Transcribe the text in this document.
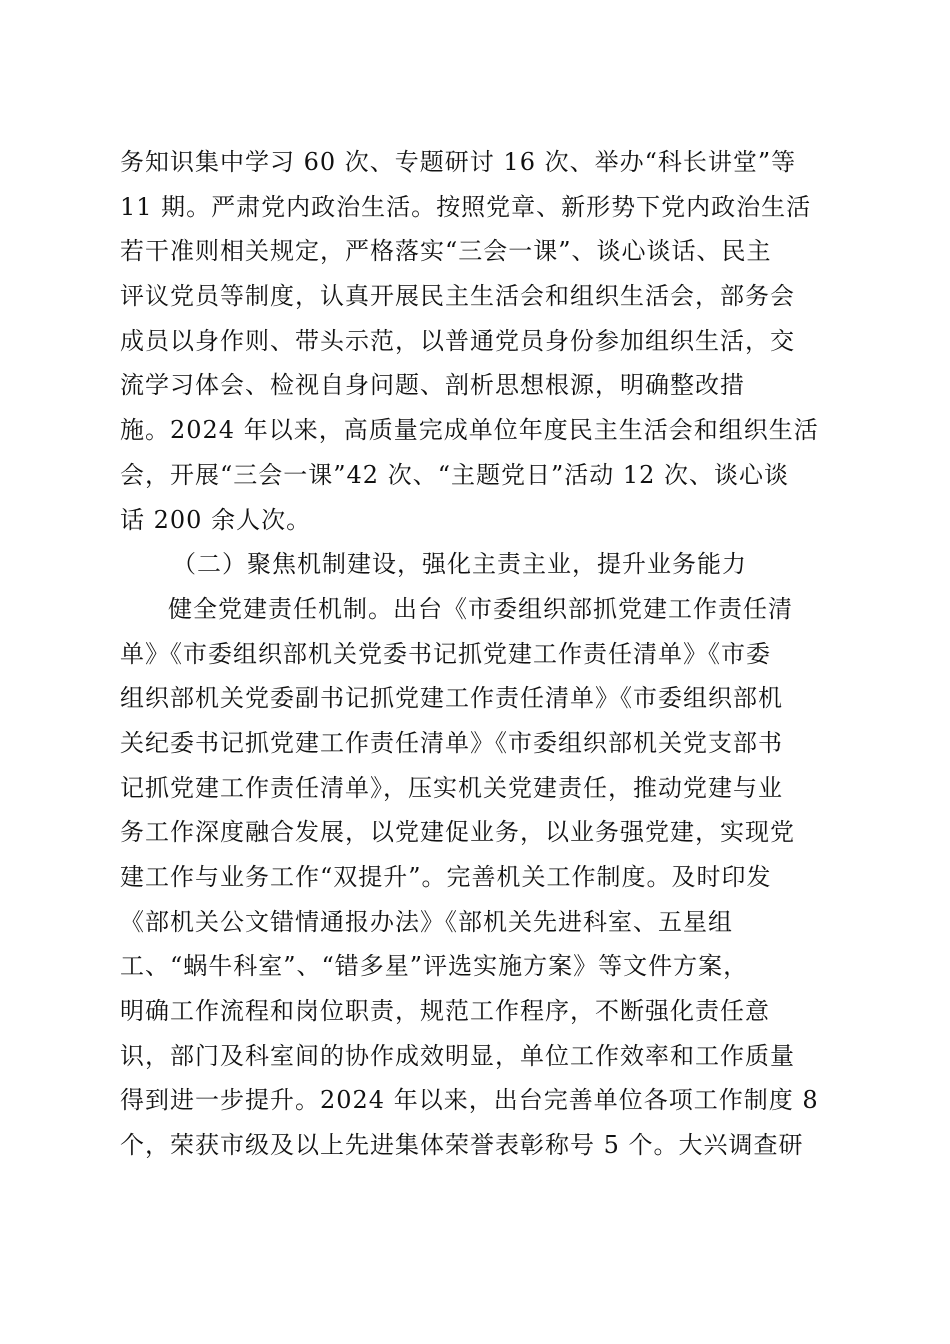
务知识集中学习 60 次、专题研讨 16 次、举办“科长讲堂”等
11 期。严肃党内政治生活。按照党章、新形势下党内政治生活
若干准则相关规定，严格落实“三会一课”、谈心谈话、民主
评议党员等制度，认真开展民主生活会和组织生活会，部务会
成员以身作则、带头示范，以普通党员身份参加组织生活，交
流学习体会、检视自身问题、剖析思想根源，明确整改措
施。2024 年以来，高质量完成单位年度民主生活会和组织生活
会，开展“三会一课”42 次、“主题党日”活动 12 次、谈心谈
话 200 余人次。
（二）聚焦机制建设，强化主责主业，提升业务能力
健全党建责任机制。出台《市委组织部抓党建工作责任清
单》《市委组织部机关党委书记抓党建工作责任清单》《市委
组织部机关党委副书记抓党建工作责任清单》《市委组织部机
关纪委书记抓党建工作责任清单》《市委组织部机关党支部书
记抓党建工作责任清单》，压实机关党建责任，推动党建与业
务工作深度融合发展，以党建促业务，以业务强党建，实现党
建工作与业务工作“双提升”。完善机关工作制度。及时印发
《部机关公文错情通报办法》《部机关先进科室、五星组
工、“蜗牛科室”、“错多星”评选实施方案》等文件方案，
明确工作流程和岗位职责，规范工作程序，不断强化责任意
识，部门及科室间的协作成效明显，单位工作效率和工作质量
得到进一步提升。2024 年以来，出台完善单位各项工作制度 8
个，荣获市级及以上先进集体荣誉表彰称号 5 个。大兴调查研
